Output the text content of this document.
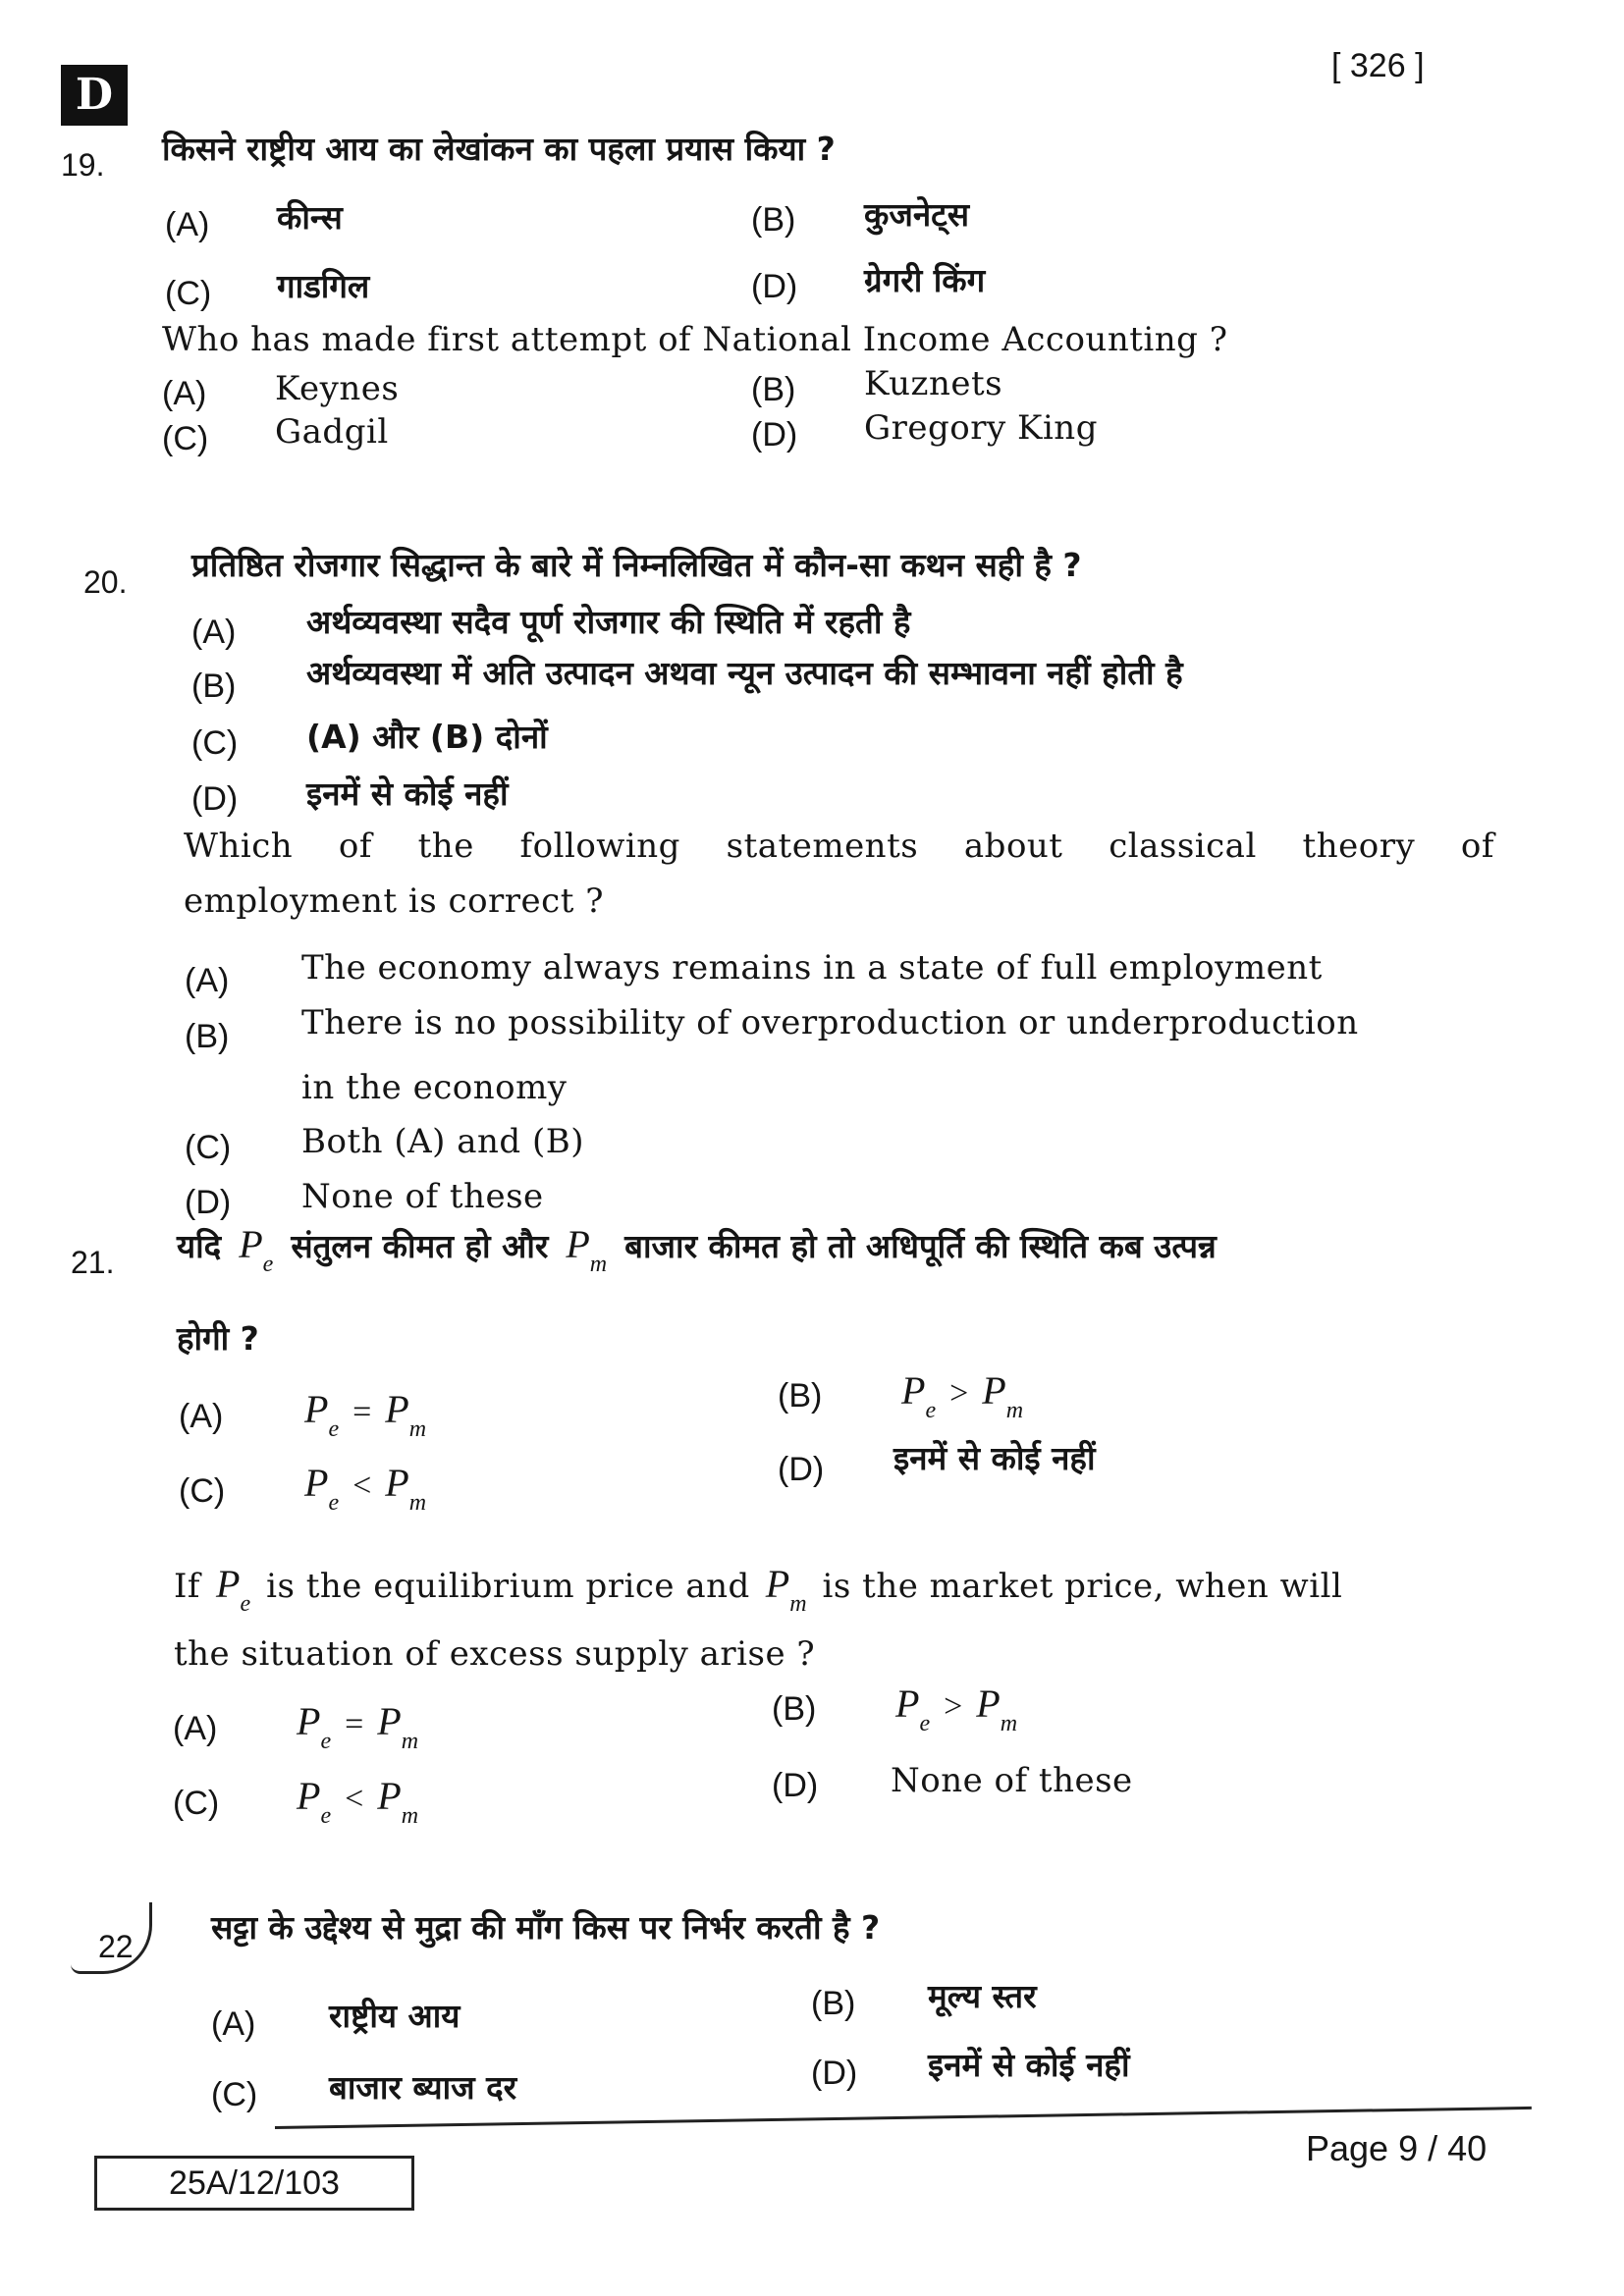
D
[ 326 ]
19. किसने राष्ट्रीय आय का लेखांकन का पहला प्रयास किया ?
(A) कीन्स	(B) कुजनेट्स
(C) गाडगिल	(D) ग्रेगरी किंग
Who has made first attempt of National Income Accounting ?
(A) Keynes	(B) Kuznets
(C) Gadgil	(D) Gregory King
20. प्रतिष्ठित रोजगार सिद्धान्त के बारे में निम्नलिखित में कौन-सा कथन सही है ?
(A) अर्थव्यवस्था सदैव पूर्ण रोजगार की स्थिति में रहती है
(B) अर्थव्यवस्था में अति उत्पादन अथवा न्यून उत्पादन की सम्भावना नहीं होती है
(C) (A) और (B) दोनों
(D) इनमें से कोई नहीं
Which of the following statements about classical theory of
employment is correct ?
(A) The economy always remains in a state of full employment
(B) There is no possibility of overproduction or underproduction
in the economy
(C) Both (A) and (B)
(D) None of these
21. यदि $P_e$ संतुलन कीमत हो और $P_m$ बाजार कीमत हो तो अधिपूर्ति की स्थिति कब उत्पन्न
होगी ?
(A) $P_e = P_m$
(B) $P_e > P_m$
(C) $P_e < P_m$
(D) इनमें से कोई नहीं
If $P_e$ is the equilibrium price and $P_m$ is the market price, when will
the situation of excess supply arise ?
(A) $P_e = P_m$
(B) $P_e > P_m$
(C) $P_e < P_m$
(D) None of these
22 सट्टा के उद्देश्य से मुद्रा की माँग किस पर निर्भर करती है ?
(A) राष्ट्रीय आय	(B) मूल्य स्तर
(C) बाजार ब्याज दर	(D) इनमें से कोई नहीं
25A/12/103
Page 9 / 40
